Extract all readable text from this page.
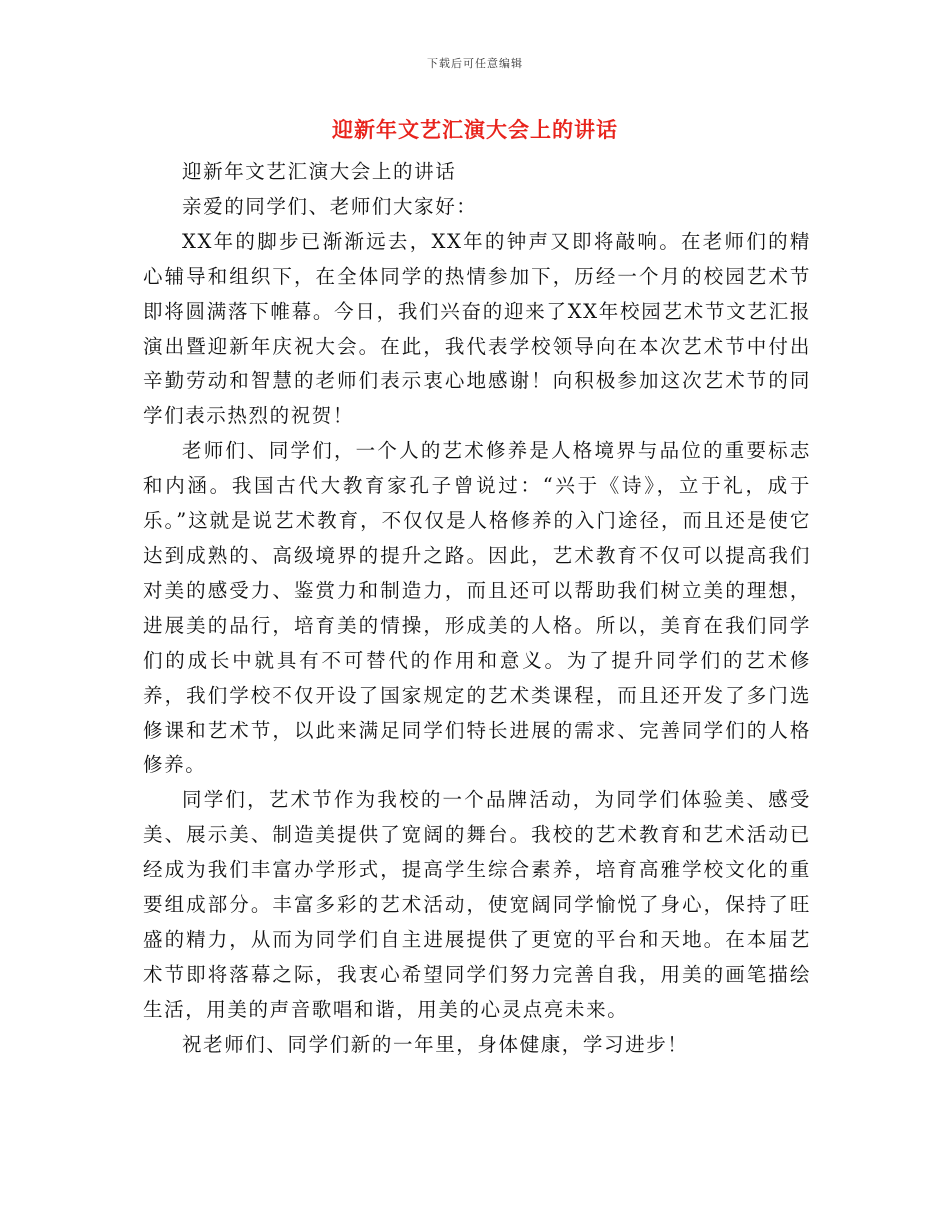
下载后可任意编辑
迎新年文艺汇演大会上的讲话

迎新年文艺汇演大会上的讲话

亲爱的同学们、老师们大家好：

XX年的脚步已渐渐远去，XX年的钟声又即将敲响。在老师们的精心辅导和组织下，在全体同学的热情参加下，历经一个月的校园艺术节即将圆满落下帷幕。今日，我们兴奋的迎来了XX年校园艺术节文艺汇报演出暨迎新年庆祝大会。在此，我代表学校领导向在本次艺术节中付出辛勤劳动和智慧的老师们表示衷心地感谢！向积极参加这次艺术节的同学们表示热烈的祝贺！

老师们、同学们，一个人的艺术修养是人格境界与品位的重要标志和内涵。我国古代大教育家孔子曾说过：“兴于《诗》，立于礼，成于乐。”这就是说艺术教育，不仅仅是人格修养的入门途径，而且还是使它达到成熟的、高级境界的提升之路。因此，艺术教育不仅可以提高我们对美的感受力、鉴赏力和制造力，而且还可以帮助我们树立美的理想，进展美的品行，培育美的情操，形成美的人格。所以，美育在我们同学们的成长中就具有不可替代的作用和意义。为了提升同学们的艺术修养，我们学校不仅开设了国家规定的艺术类课程，而且还开发了多门选修课和艺术节，以此来满足同学们特长进展的需求、完善同学们的人格修养。

同学们，艺术节作为我校的一个品牌活动，为同学们体验美、感受美、展示美、制造美提供了宽阔的舞台。我校的艺术教育和艺术活动已经成为我们丰富办学形式，提高学生综合素养，培育高雅学校文化的重要组成部分。丰富多彩的艺术活动，使宽阔同学愉悦了身心，保持了旺盛的精力，从而为同学们自主进展提供了更宽的平台和天地。在本届艺术节即将落幕之际，我衷心希望同学们努力完善自我，用美的画笔描绘生活，用美的声音歌唱和谐，用美的心灵点亮未来。

祝老师们、同学们新的一年里，身体健康，学习进步！
